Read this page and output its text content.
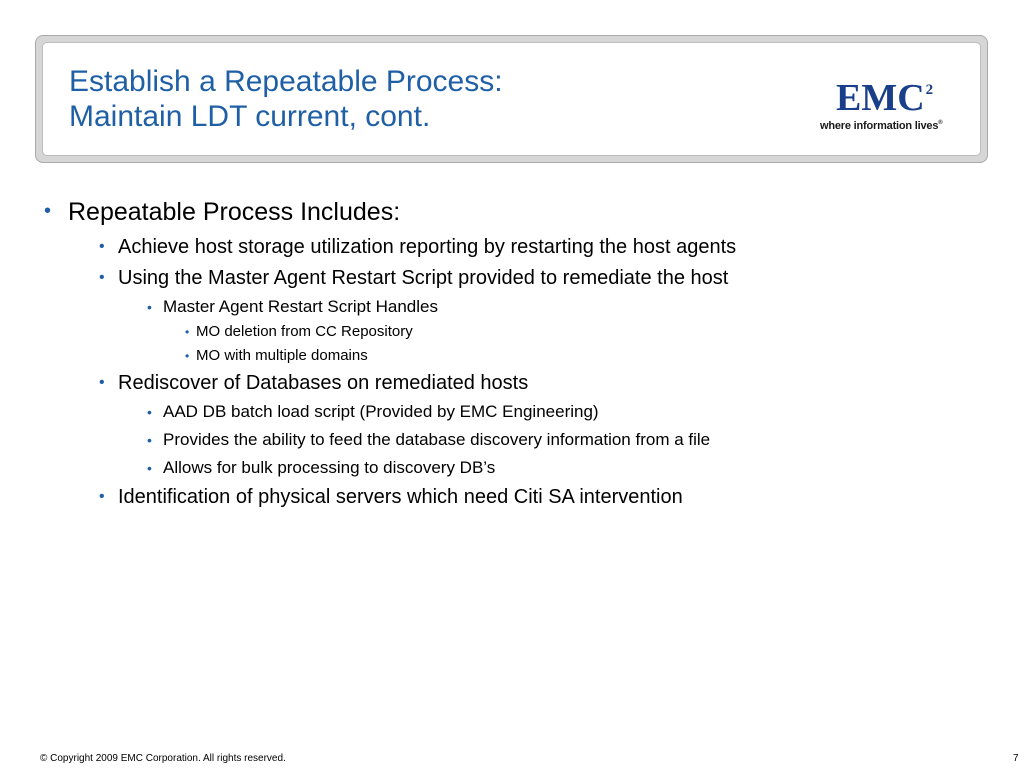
Establish a Repeatable Process:
Maintain LDT current, cont.	EMC$^2$
where information lives®
• Repeatable Process Includes:
• Achieve host storage utilization reporting by restarting the host agents
• Using the Master Agent Restart Script provided to remediate the host
• Master Agent Restart Script Handles
• MO deletion from CC Repository
• MO with multiple domains
• Rediscover of Databases on remediated hosts
• AAD DB batch load script (Provided by EMC Engineering)
• Provides the ability to feed the database discovery information from a file
• Allows for bulk processing to discovery DB’s
• Identification of physical servers which need Citi SA intervention
© Copyright 2009 EMC Corporation. All rights reserved.	7
